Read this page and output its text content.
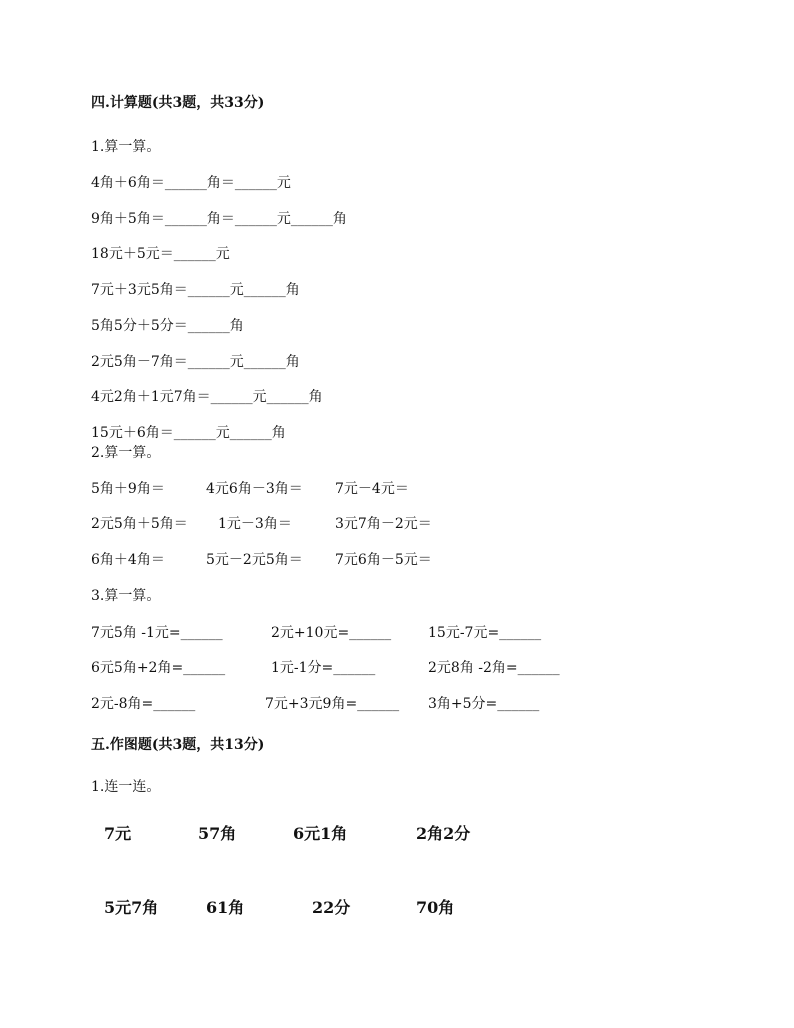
四.计算题(共3题，共33分)
1.算一算。
4角＋6角＝______角＝______元
9角＋5角＝______角＝______元______角
18元＋5元＝______元
7元＋3元5角＝______元______角
5角5分＋5分＝______角
2元5角－7角＝______元______角
4元2角＋1元7角＝______元______角
15元＋6角＝______元______角
2.算一算。
5角＋9角＝	4元6角－3角＝ 7元－4元＝
2元5角＋5角＝ 1元－3角＝	3元7角－2元＝
6角＋4角＝	5元－2元5角＝ 7元6角－5元＝
3.算一算。
7元5角 -1元=______	2元+10元=______	15元-7元=______
6元5角+2角=______	1元-1分=______	2元8角 -2角=______
2元-8角=______	7元+3元9角=______ 3角+5分=______
五.作图题(共3题，共13分)
1.连一连。
7元	57角	6元1角	2角2分
5元7角	61角	22分	70角
